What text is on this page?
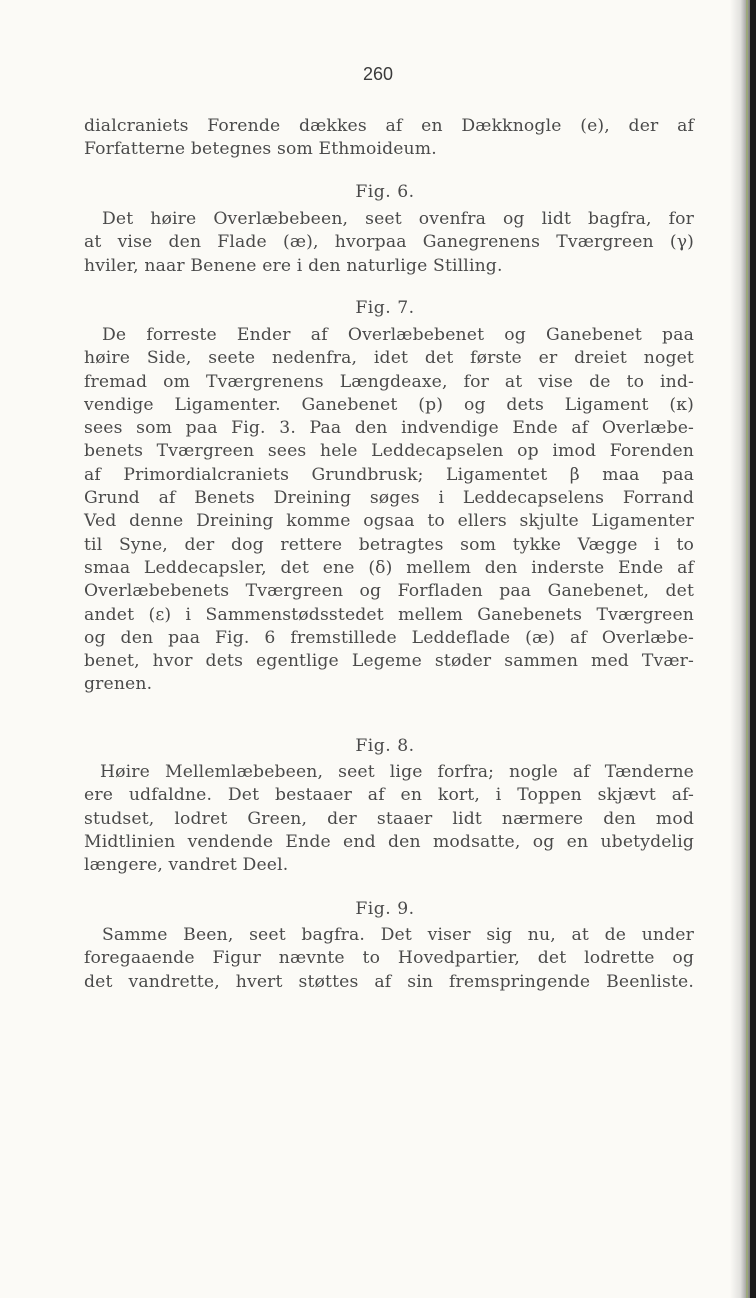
260
dialcraniets Forende dækkes af en Dækknogle (e), der af
Forfatterne betegnes som Ethmoideum.
Fig. 6.
Det høire Overlæbebeen, seet ovenfra og lidt bagfra, for
at vise den Flade (æ), hvorpaa Ganegrenens Tværgreen (γ)
hviler, naar Benene ere i den naturlige Stilling.
Fig. 7.
De forreste Ender af Overlæbebenet og Ganebenet paa
høire Side, seete nedenfra, idet det første er dreiet noget
fremad om Tværgrenens Længdeaxe, for at vise de to ind-
vendige Ligamenter. Ganebenet (p) og dets Ligament (κ)
sees som paa Fig. 3. Paa den indvendige Ende af Overlæbe-
benets Tværgreen sees hele Leddecapselen op imod Forenden
af Primordialcraniets Grundbrusk; Ligamentet β maa paa
Grund af Benets Dreining søges i Leddecapselens Forrand
Ved denne Dreining komme ogsaa to ellers skjulte Ligamenter
til Syne, der dog rettere betragtes som tykke Vægge i to
smaa Leddecapsler, det ene (δ) mellem den inderste Ende af
Overlæbebenets Tværgreen og Forfladen paa Ganebenet, det
andet (ε) i Sammenstødsstedet mellem Ganebenets Tværgreen
og den paa Fig. 6 fremstillede Leddeflade (æ) af Overlæbe-
benet, hvor dets egentlige Legeme støder sammen med Tvær-
grenen.
Fig. 8.
Høire Mellemlæbebeen, seet lige forfra; nogle af Tænderne
ere udfaldne. Det bestaaer af en kort, i Toppen skjævt af-
studset, lodret Green, der staaer lidt nærmere den mod
Midtlinien vendende Ende end den modsatte, og en ubetydelig
længere, vandret Deel.
Fig. 9.
Samme Been, seet bagfra. Det viser sig nu, at de under
foregaaende Figur nævnte to Hovedpartier, det lodrette og
det vandrette, hvert støttes af sin fremspringende Beenliste.
